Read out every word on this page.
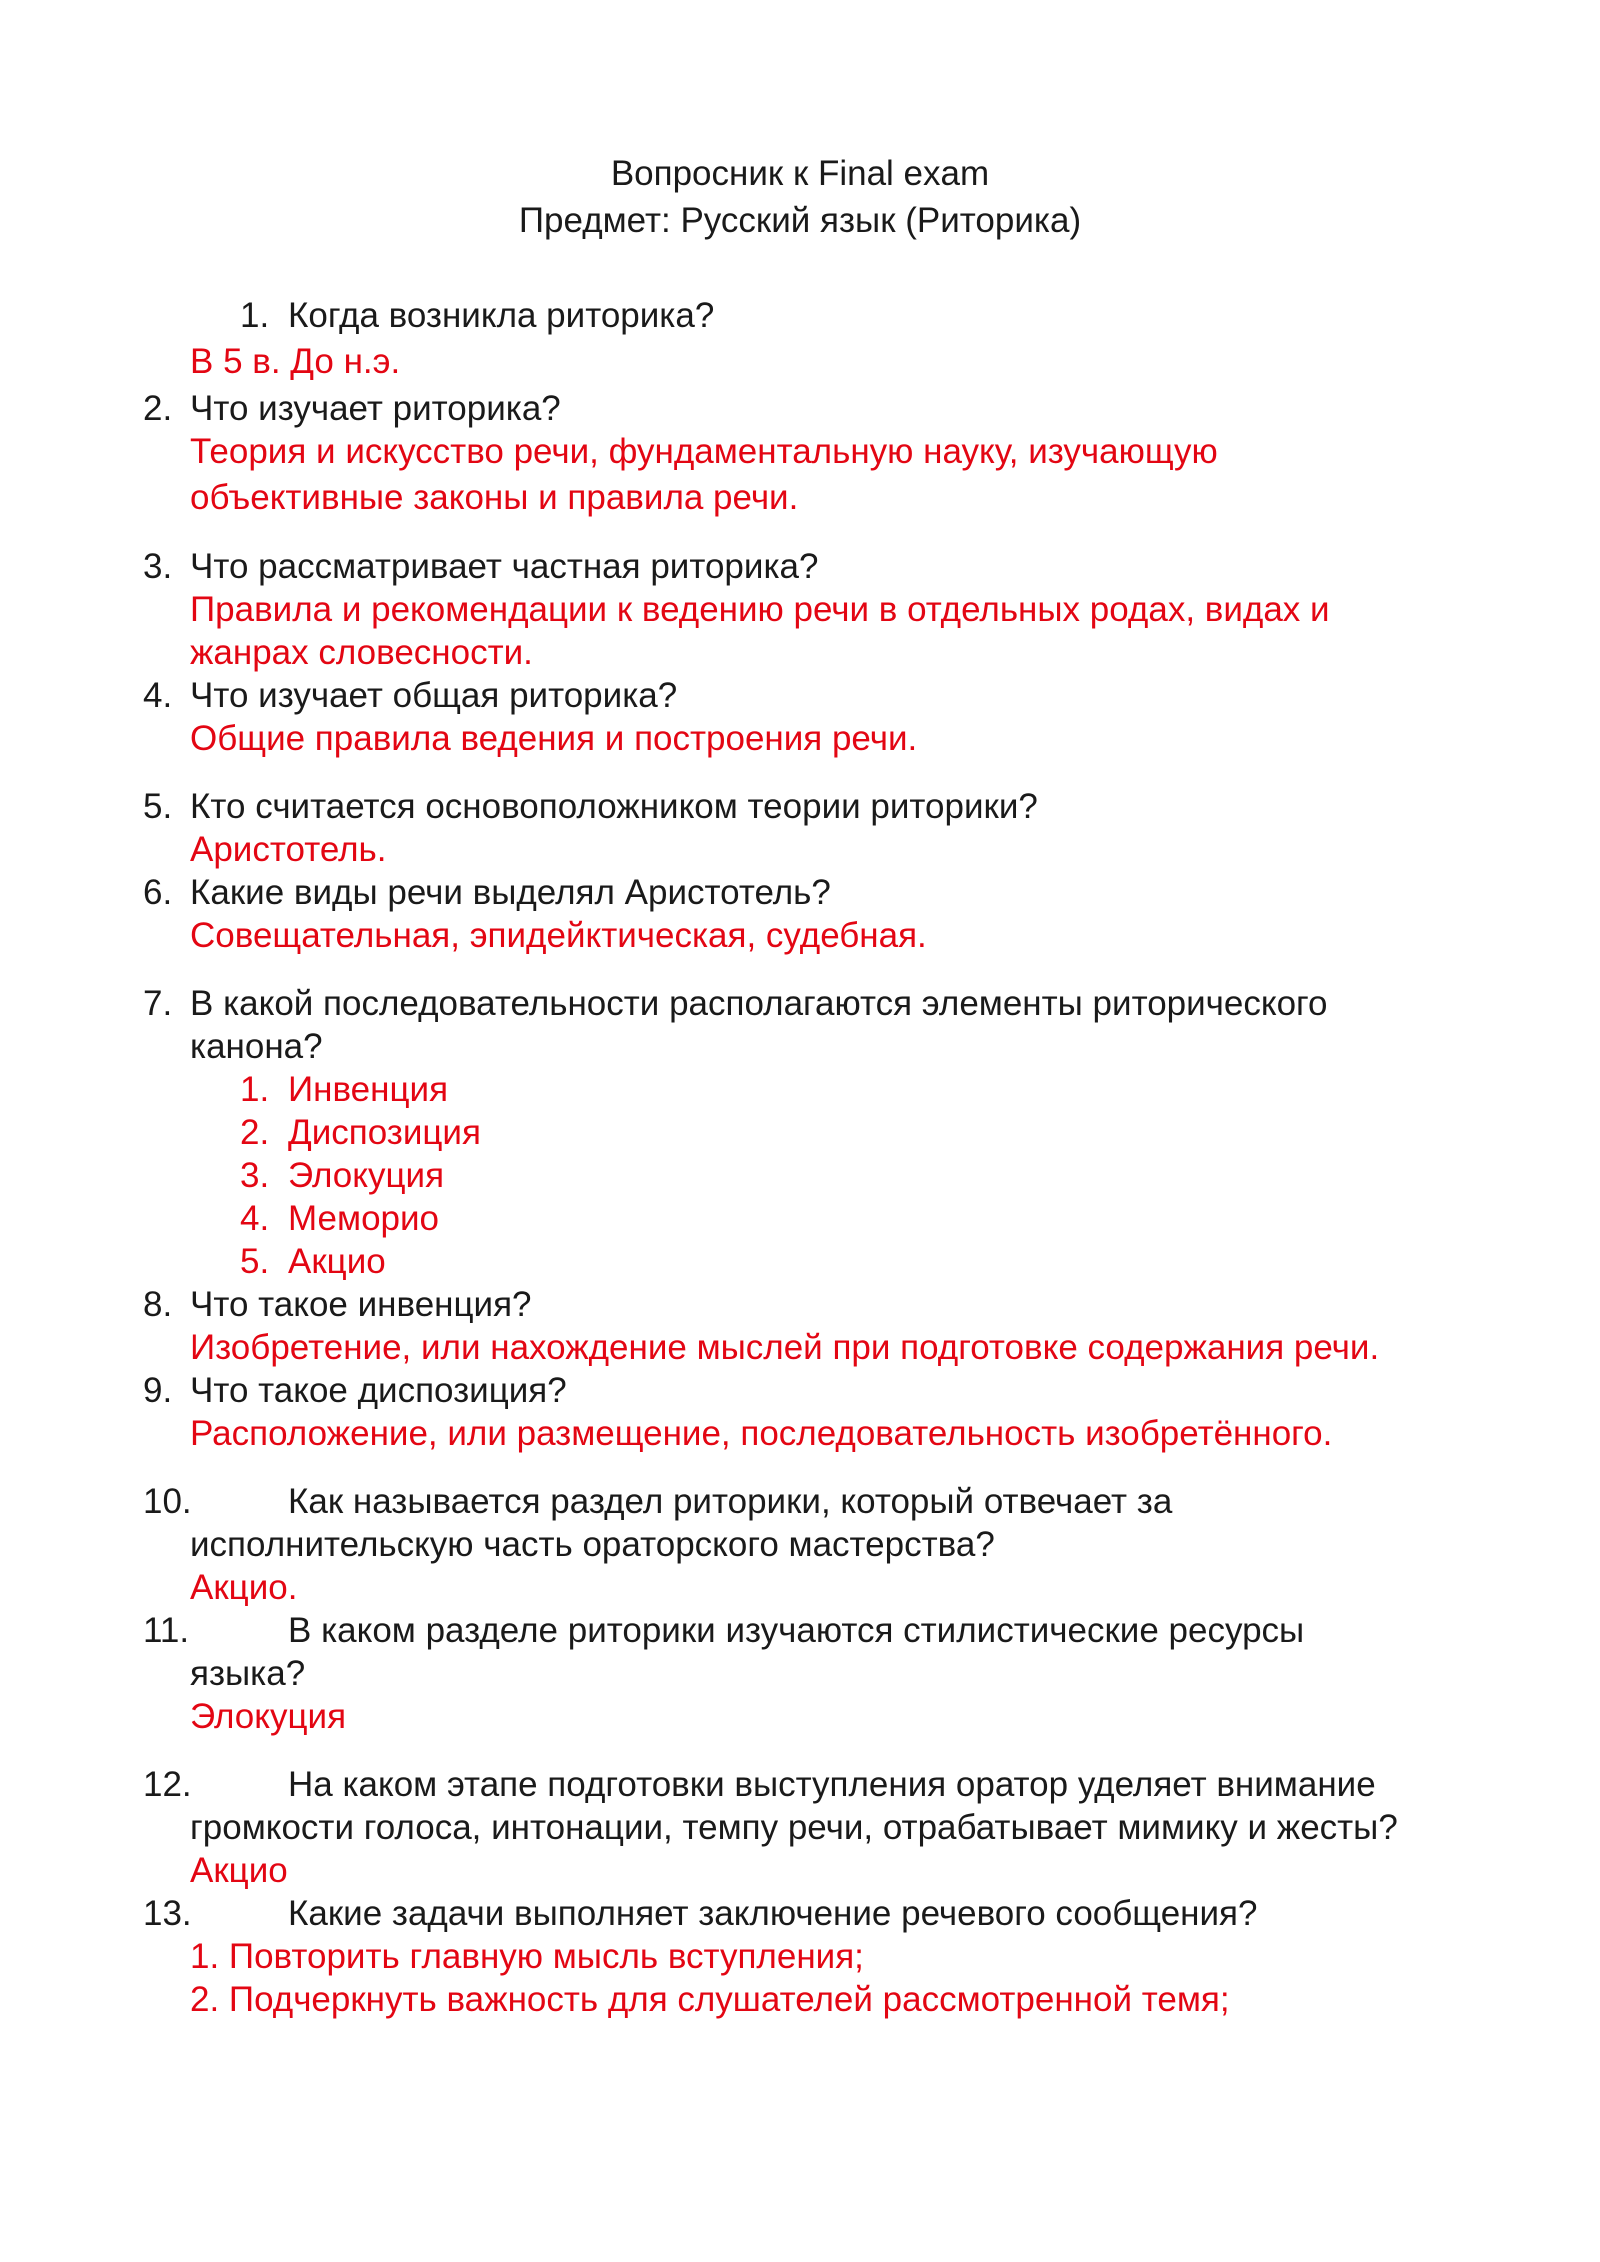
Вопросник к Final exam
Предмет: Русский язык (Риторика)
1. Когда возникла риторика?
В 5 в. До н.э.
2. Что изучает риторика?
Теория и искусство речи, фундаментальную науку, изучающую
объективные законы и правила речи.
3. Что рассматривает частная риторика?
Правила и рекомендации к ведению речи в отдельных родах, видах и
жанрах словесности.
4. Что изучает общая риторика?
Общие правила ведения и построения речи.
5. Кто считается основоположником теории риторики?
Аристотель.
6. Какие виды речи выделял Аристотель?
Совещательная, эпидейктическая, судебная.
7. В какой последовательности располагаются элементы риторического
канона?
1. Инвенция
2. Диспозиция
3. Элокуция
4. Меморио
5. Акцио
8. Что такое инвенция?
Изобретение, или нахождение мыслей при подготовке содержания речи.
9. Что такое диспозиция?
Расположение, или размещение, последовательность изобретённого.
10.	Как называется раздел риторики, который отвечает за
исполнительскую часть ораторского мастерства?
Акцио.
11.	В каком разделе риторики изучаются стилистические ресурсы
языка?
Элокуция
12.	На каком этапе подготовки выступления оратор уделяет внимание
громкости голоса, интонации, темпу речи, отрабатывает мимику и жесты?
Акцио
13.	Какие задачи выполняет заключение речевого сообщения?
1. Повторить главную мысль вступления;
2. Подчеркнуть важность для слушателей рассмотренной темя;
